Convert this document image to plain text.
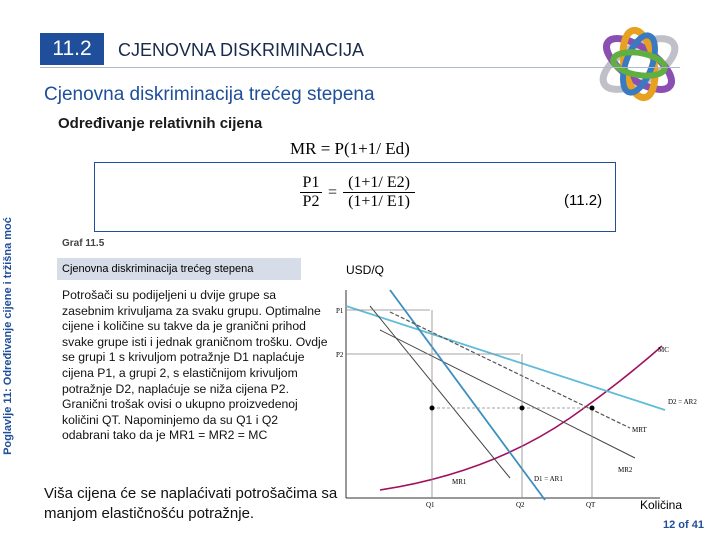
Poglavlje 11: Određivanje cijene i tržišna moć
11.2	CJENOVNA DISKRIMINACIJA
Cjenovna diskriminacija trećeg stepena
Određivanje relativnih cijena
MR = P(1+1/ Ed)
P1
P2
=
(1+1/ E2)
(1+1/ E1)	(11.2)
Graf 11.5
Cjenovna diskriminacija trećeg stepena
Potrošači su podijeljeni u dvije grupe sa zasebnim krivuljama za svaku grupu. Optimalne cijene i količine su takve da je granični prihod svake grupe isti i jednak graničnom trošku. Ovdje se grupi 1 s krivuljom potražnje D1 naplaćuje cijena P1, a grupi 2, s elastičnijom krivuljom potražnje D2, naplaćuje se niža cijena P2. Granični trošak ovisi o ukupno proizvedenoj količini QT. Napominjemo da su Q1 i Q2 odabrani tako da je MR1 = MR2 = MC
USD/Q
P1
P2
Q1	Q2	QT
MC
D2 = AR2
MRT
MR2
D1 = AR1
MR1
Viša cijena će se naplaćivati potrošačima sa manjom elastičnošću potražnje.	Količina
12 of 41
